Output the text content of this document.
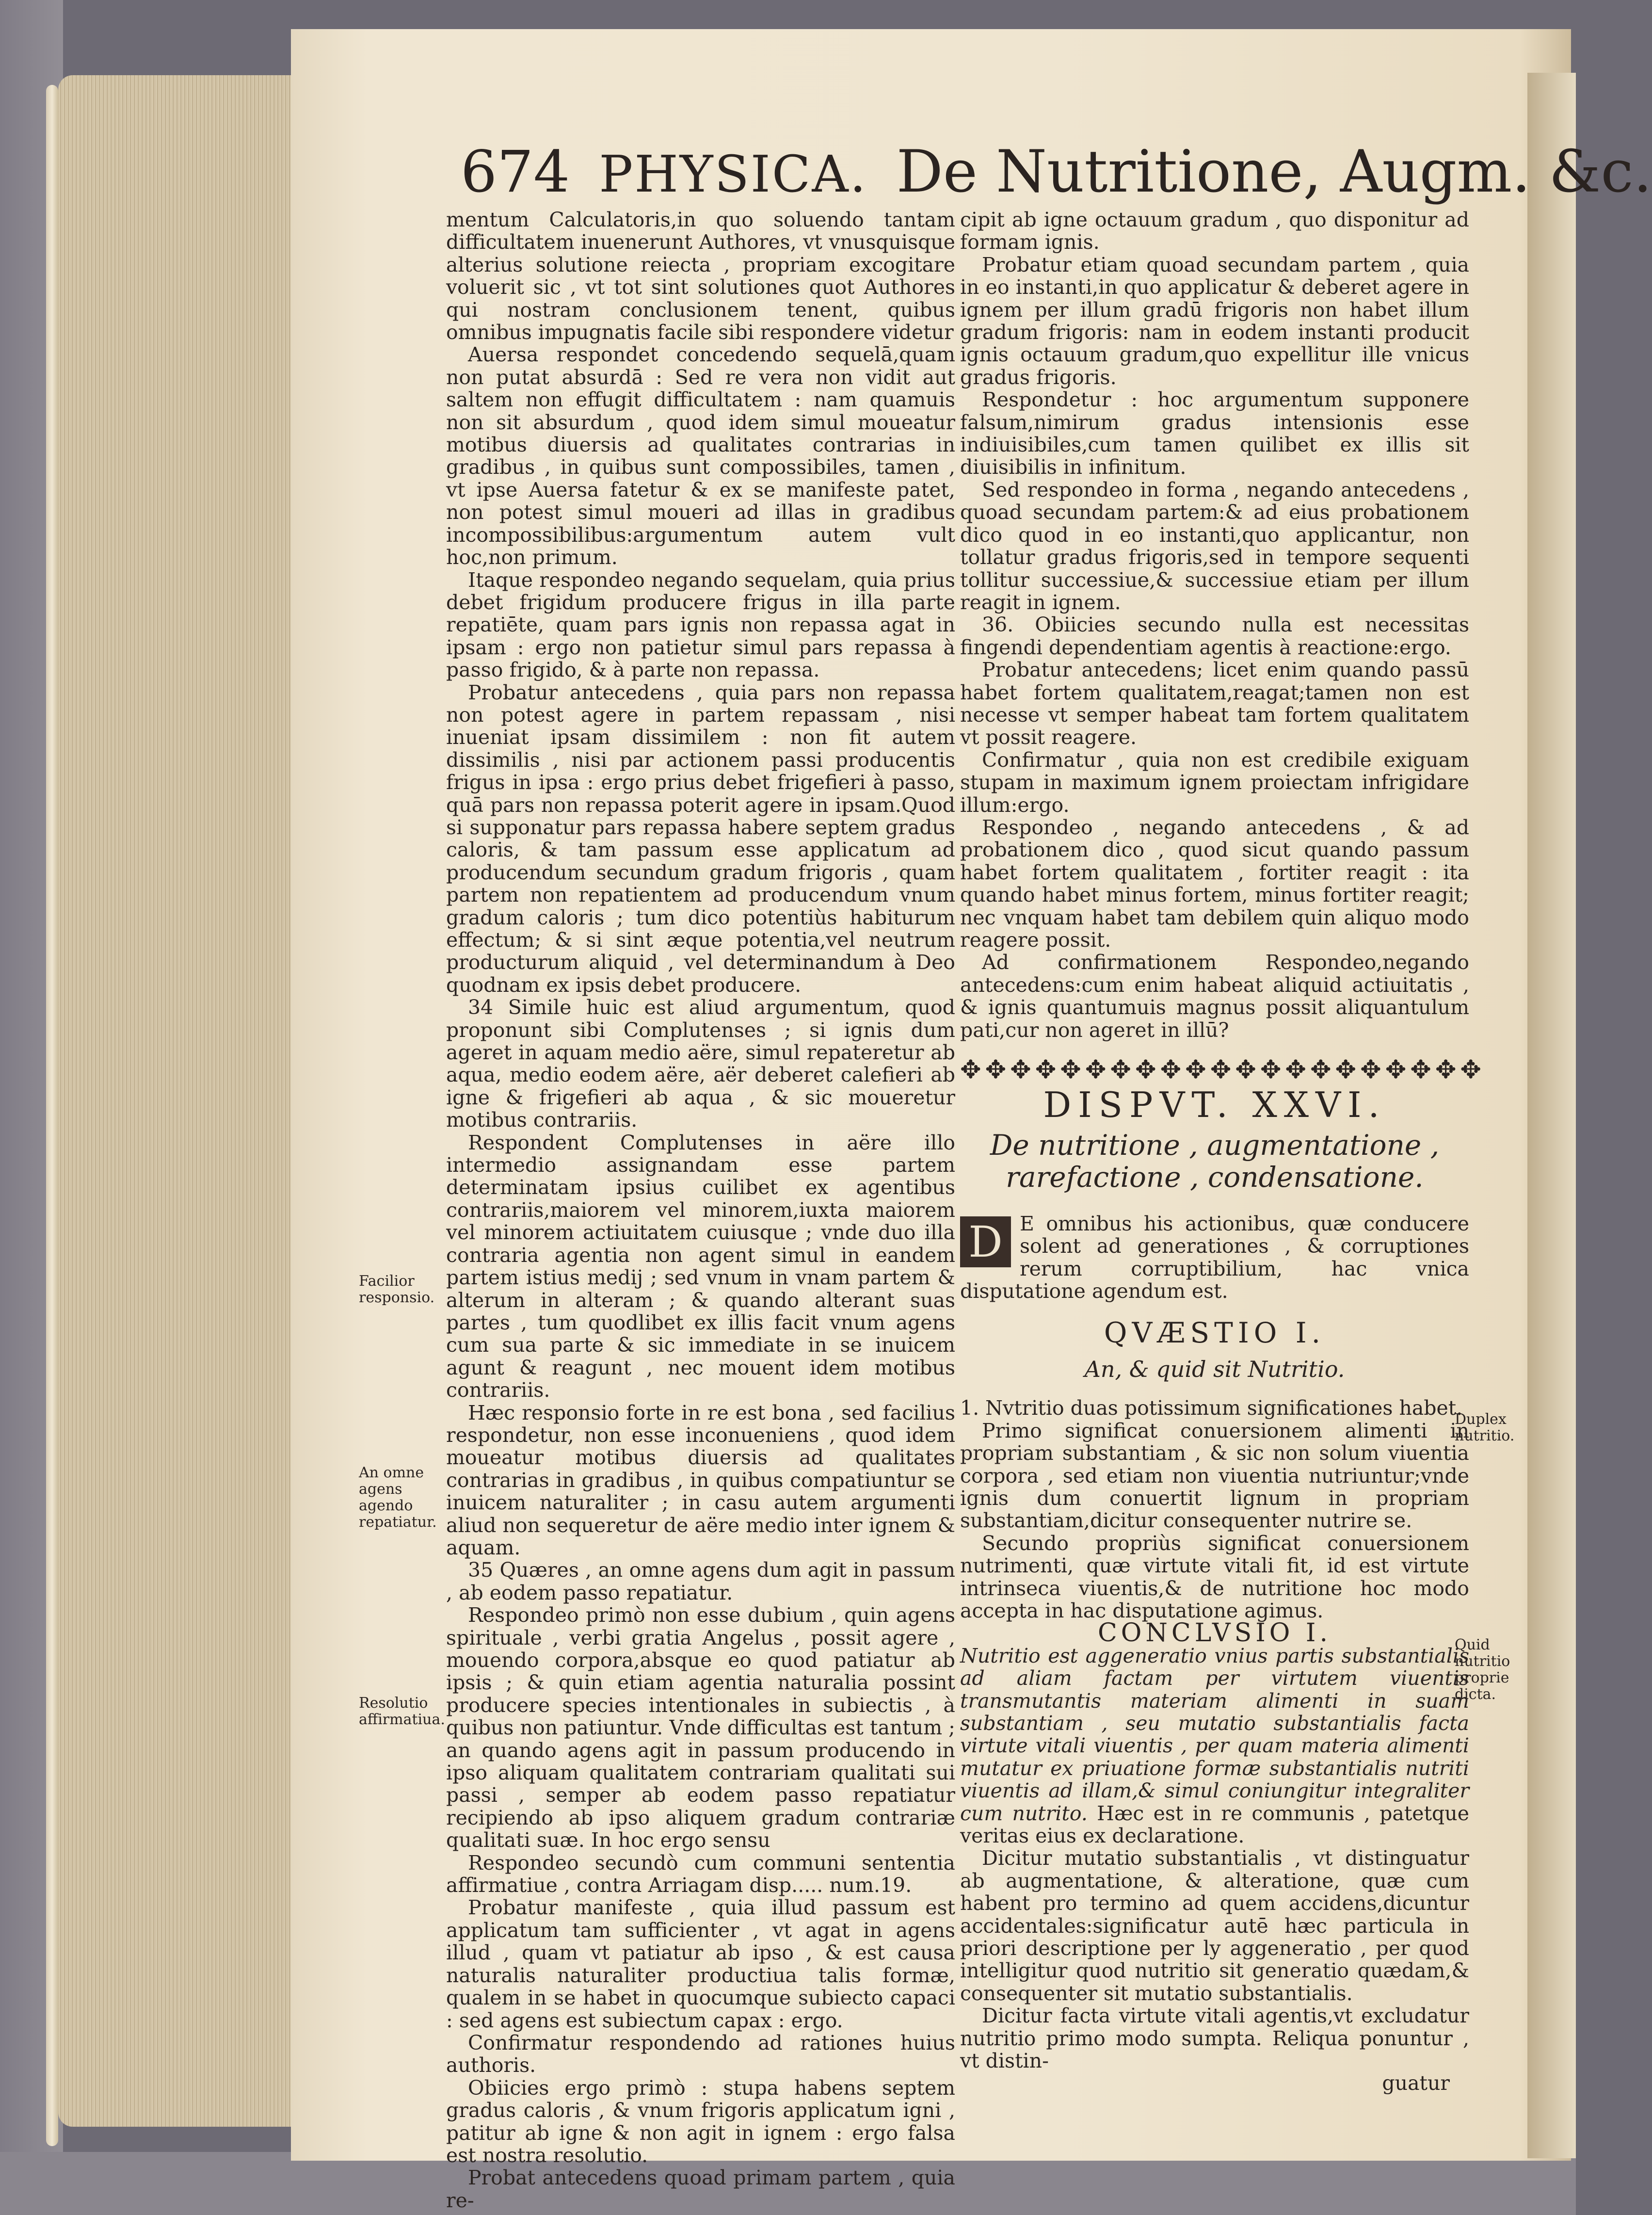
674 PHYSICA. De Nutritione, Augm. &c.

mentum Calculatoris,in quo soluendo tantam difficultatem inuenerunt Authores, vt vnusquisque alterius solutione reiecta , propriam excogitare voluerit sic , vt tot sint solutiones quot Authores qui nostram conclusionem tenent, quibus omnibus impugnatis facile sibi respondere videtur

Auersa respondet concedendo sequelā,quam non putat absurdā : Sed re vera non vidit aut saltem non effugit difficultatem : nam quamuis non sit absurdum , quod idem simul moueatur motibus diuersis ad qualitates contrarias in gradibus , in quibus sunt compossibiles, tamen , vt ipse Auersa fatetur & ex se manifeste patet, non potest simul moueri ad illas in gradibus incompossibilibus:argumentum autem vult hoc,non primum.

Itaque respondeo negando sequelam, quia prius debet frigidum producere frigus in illa parte repatiēte, quam pars ignis non repassa agat in ipsam : ergo non patietur simul pars repassa à passo frigido, & à parte non repassa.

Probatur antecedens , quia pars non repassa non potest agere in partem repassam , nisi inueniat ipsam dissimilem : non fit autem dissimilis , nisi par actionem passi producentis frigus in ipsa : ergo prius debet frigefieri à passo, quā pars non repassa poterit agere in ipsam.Quod si supponatur pars repassa habere septem gradus caloris, & tam passum esse applicatum ad producendum secundum gradum frigoris , quam partem non repatientem ad producendum vnum gradum caloris ; tum dico potentiùs habiturum effectum; & si sint æque potentia,vel neutrum producturum aliquid , vel determinandum à Deo quodnam ex ipsis debet producere.

34 Simile huic est aliud argumentum, quod proponunt sibi Complutenses ; si ignis dum ageret in aquam medio aëre, simul repateretur ab aqua, medio eodem aëre, aër deberet calefieri ab igne & frigefieri ab aqua , & sic moueretur motibus contrariis.

Respondent Complutenses in aëre illo intermedio assignandam esse partem determinatam ipsius cuilibet ex agentibus contrariis,maiorem vel minorem,iuxta maiorem vel minorem actiuitatem cuiusque ; vnde duo illa contraria agentia non agent simul in eandem partem istius medij ; sed vnum in vnam partem & alterum in alteram ; & quando alterant suas partes , tum quodlibet ex illis facit vnum agens cum sua parte & sic immediate in se inuicem agunt & reagunt , nec mouent idem motibus contrariis.

Hæc responsio forte in re est bona , sed facilius respondetur, non esse inconueniens , quod idem moueatur motibus diuersis ad qualitates contrarias in gradibus , in quibus compatiuntur se inuicem naturaliter ; in casu autem argumenti aliud non sequeretur de aëre medio inter ignem & aquam.

35 Quæres , an omne agens dum agit in passum , ab eodem passo repatiatur.

Respondeo primò non esse dubium , quin agens spirituale , verbi gratia Angelus , possit agere , mouendo corpora,absque eo quod patiatur ab ipsis ; & quin etiam agentia naturalia possint producere species intentionales in subiectis , à quibus non patiuntur. Vnde difficultas est tantum ; an quando agens agit in passum producendo in ipso aliquam qualitatem contrariam qualitati sui passi , semper ab eodem passo repatiatur recipiendo ab ipso aliquem gradum contrariæ qualitati suæ. In hoc ergo sensu

Respondeo secundò cum communi sententia affirmatiue , contra Arriagam disp..... num.19.

Probatur manifeste , quia illud passum est applicatum tam sufficienter , vt agat in agens illud , quam vt patiatur ab ipso , & est causa naturalis naturaliter productiua talis formæ, qualem in se habet in quocumque subiecto capaci : sed agens est subiectum capax : ergo.

Confirmatur respondendo ad rationes huius authoris.

Obiicies ergo primò : stupa habens septem gradus caloris , & vnum frigoris applicatum igni , patitur ab igne & non agit in ignem : ergo falsa est nostra resolutio.

Probat antecedens quoad primam partem , quia re-

cipit ab igne octauum gradum , quo disponitur ad formam ignis.

Probatur etiam quoad secundam partem , quia in eo instanti,in quo applicatur & deberet agere in ignem per illum gradū frigoris non habet illum gradum frigoris: nam in eodem instanti producit ignis octauum gradum,quo expellitur ille vnicus gradus frigoris.

Respondetur : hoc argumentum supponere falsum,nimirum gradus intensionis esse indiuisibiles,cum tamen quilibet ex illis sit diuisibilis in infinitum.

Sed respondeo in forma , negando antecedens , quoad secundam partem:& ad eius probationem dico quod in eo instanti,quo applicantur, non tollatur gradus frigoris,sed in tempore sequenti tollitur successiue,& successiue etiam per illum reagit in ignem.

36. Obiicies secundo nulla est necessitas fingendi dependentiam agentis à reactione:ergo.

Probatur antecedens; licet enim quando passū habet fortem qualitatem,reagat;tamen non est necesse vt semper habeat tam fortem qualitatem vt possit reagere.

Confirmatur , quia non est credibile exiguam stupam in maximum ignem proiectam infrigidare illum:ergo.

Respondeo , negando antecedens , & ad probationem dico , quod sicut quando passum habet fortem qualitatem , fortiter reagit : ita quando habet minus fortem, minus fortiter reagit; nec vnquam habet tam debilem quin aliquo modo reagere possit.

Ad confirmationem Respondeo,negando antecedens:cum enim habeat aliquid actiuitatis , & ignis quantumuis magnus possit aliquantulum pati,cur non ageret in illū?

✥✥✥✥✥✥✥✥✥✥✥✥✥✥✥✥✥✥✥✥✥
DISPVT. XXVI.
De nutritione , augmentatione , rarefactione , condensatione.

D E omnibus his actionibus, quæ conducere solent ad generationes , & corruptiones rerum corruptibilium, hac vnica disputatione agendum est.

QVÆSTIO I.
An, & quid sit Nutritio.

1. Nvtritio duas potissimum significationes habet.

Primo significat conuersionem alimenti in propriam substantiam , & sic non solum viuentia corpora , sed etiam non viuentia nutriuntur;vnde ignis dum conuertit lignum in propriam substantiam,dicitur consequenter nutrire se.

Secundo propriùs significat conuersionem nutrimenti, quæ virtute vitali fit, id est virtute intrinseca viuentis,& de nutritione hoc modo accepta in hac disputatione agimus.

CONCLVSIO I.

Nutritio est aggeneratio vnius partis substantialis ad aliam factam per virtutem viuentis transmutantis materiam alimenti in suam substantiam , seu mutatio substantialis facta virtute vitali viuentis , per quam materia alimenti mutatur ex priuatione formæ substantialis nutriti viuentis ad illam,& simul coniungitur integraliter cum nutrito. Hæc est in re communis , patetque veritas eius ex declaratione.

Dicitur mutatio substantialis , vt distinguatur ab augmentatione, & alteratione, quæ cum habent pro termino ad quem accidens,dicuntur accidentales:significatur autē hæc particula in priori descriptione per ly aggeneratio , per quod intelligitur quod nutritio sit generatio quædam,& consequenter sit mutatio substantialis.

Dicitur facta virtute vitali agentis,vt excludatur nutritio primo modo sumpta. Reliqua ponuntur , vt distin-

guatur
Facilior responsio.
An omne agens agendo repatiatur.
Resolutio affirmatiua.
Duplex nutritio.
Quid nutritio proprie dicta.
